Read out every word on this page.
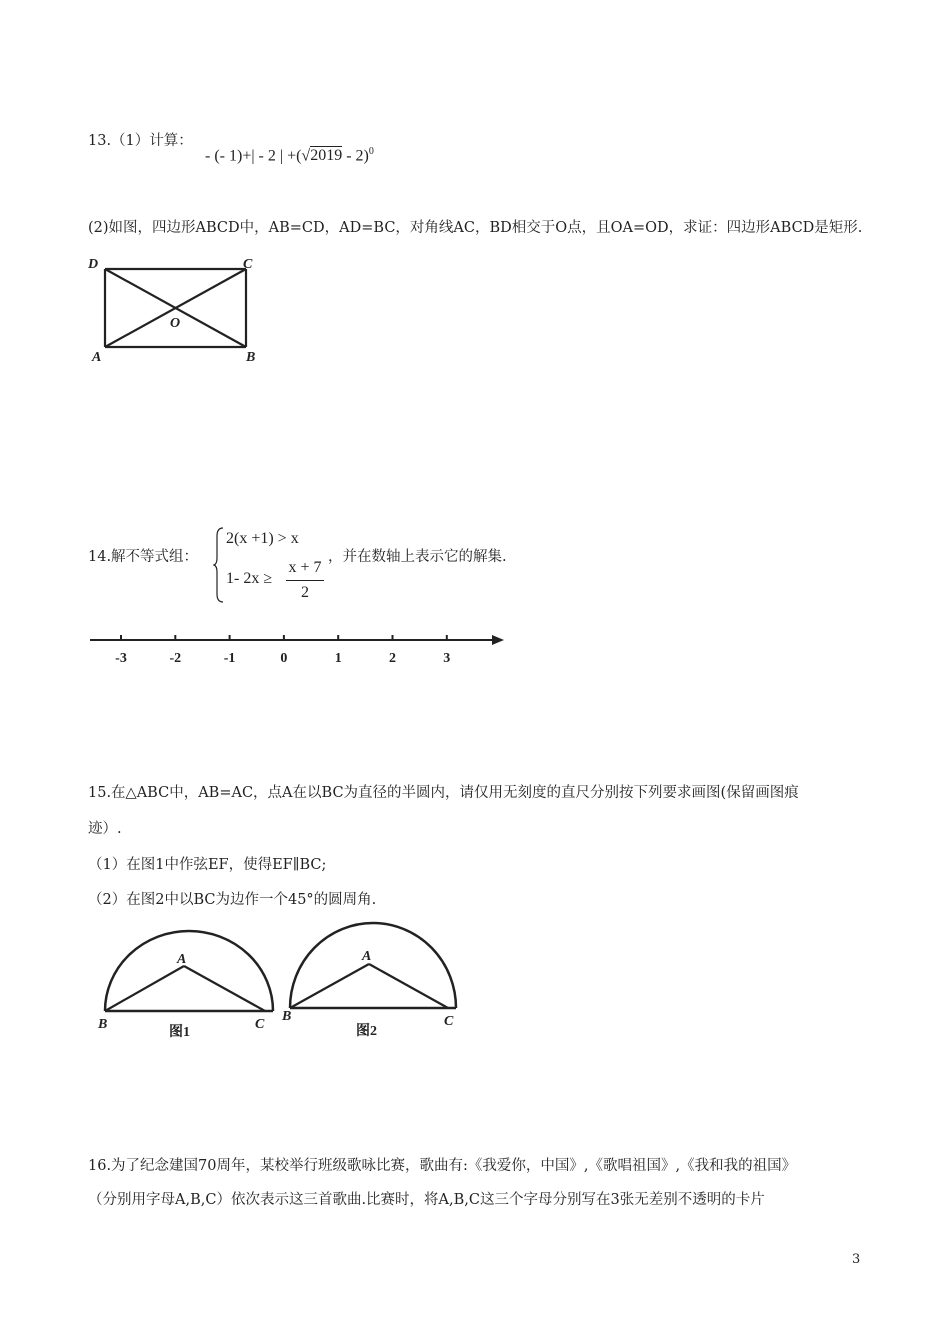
13.（1）计算：
- (- 1)+| - 2 | +(√2019 - 2)$^0$
(2)如图，四边形ABCD中，AB=CD，AD=BC，对角线AC，BD相交于O点，且OA=OD，求证：四边形ABCD是矩形.
D	C
A	B
O
14.解不等式组：
2(x +1) > x
1- 2x ≥
x + 7
2
，并在数轴上表示它的解集.
-3	-2	-1	0	1	2	3
15.在△ABC中，AB=AC，点A在以BC为直径的半圆内，请仅用无刻度的直尺分别按下列要求画图(保留画图痕
迹）.
（1）在图1中作弦EF，使得EF∥BC;
（2）在图2中以BC为边作一个45°的圆周角.
A
B	C
图1
A
B	C
图2
16.为了纪念建国70周年，某校举行班级歌咏比赛，歌曲有:《我爱你，中国》,《歌唱祖国》,《我和我的祖国》
（分别用字母A,B,C）依次表示这三首歌曲.比赛时，将A,B,C这三个字母分别写在3张无差别不透明的卡片
3
